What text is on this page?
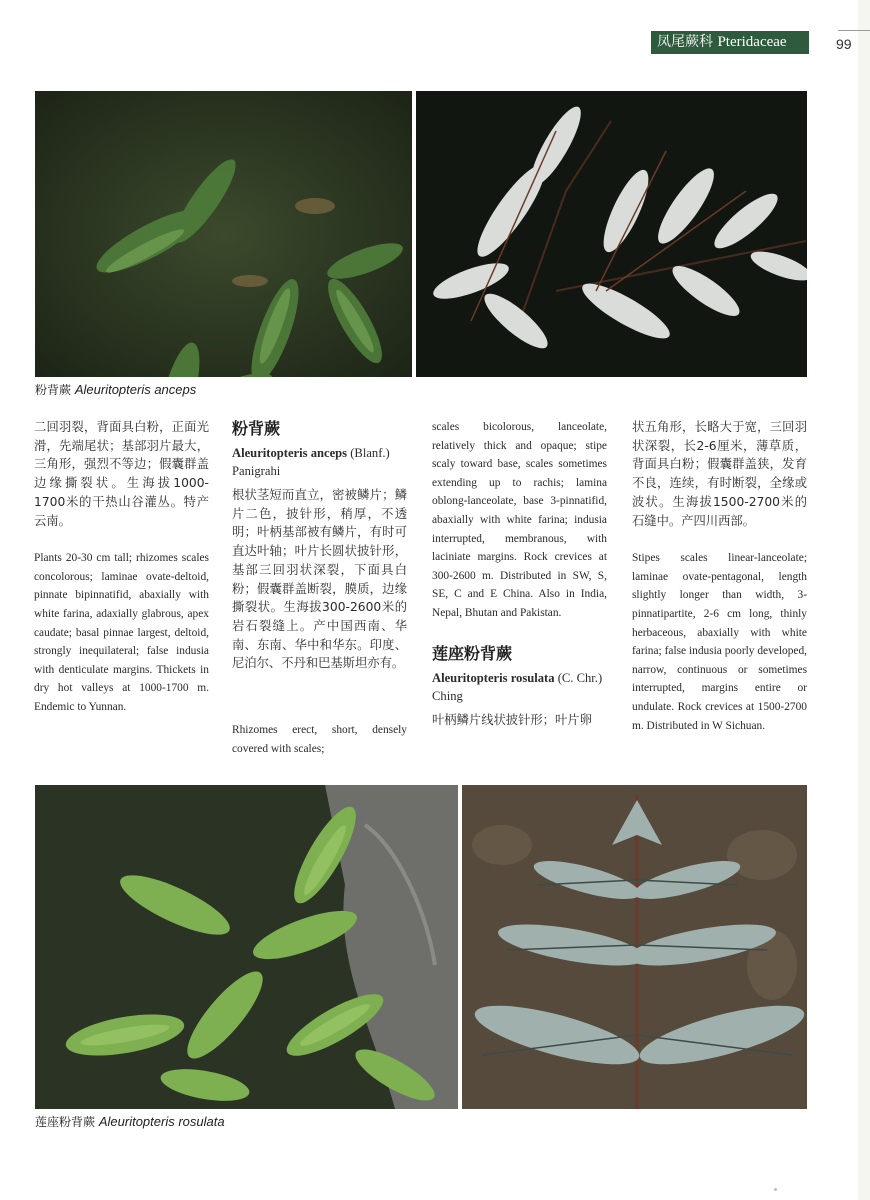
凤尾蕨科 Pteridaceae	99
粉背蕨 Aleuritopteris anceps

二回羽裂，背面具白粉，正面光滑，先端尾状；基部羽片最大，三角形，强烈不等边；假囊群盖边缘撕裂状。生海拔1000-1700米的干热山谷灌丛。特产云南。

Plants 20-30 cm tall; rhizomes scales concolorous; laminae ovate-deltoid, pinnate bipinnatifid, abaxially with white farina, adaxially glabrous, apex caudate; basal pinnae largest, deltoid, strongly inequilateral; false indusia with denticulate margins. Thickets in dry hot valleys at 1000-1700 m. Endemic to Yunnan.

粉背蕨

Aleuritopteris anceps (Blanf.)

Panigrahi

根状茎短而直立，密被鳞片；鳞片二色，披针形，稍厚，不透明；叶柄基部被有鳞片，有时可直达叶轴；叶片长圆状披针形，基部三回羽状深裂，下面具白粉；假囊群盖断裂，膜质，边缘撕裂状。生海拔300-2600米的岩石裂缝上。产中国西南、华南、东南、华中和华东。印度、尼泊尔、不丹和巴基斯坦亦有。

Rhizomes erect, short, densely covered with scales;

scales bicolorous, lanceolate, relatively thick and opaque; stipe scaly toward base, scales sometimes extending up to rachis; lamina oblong-lanceolate, base 3-pinnatifid, abaxially with white farina; indusia interrupted, membranous, with laciniate margins. Rock crevices at 300-2600 m. Distributed in SW, S, SE, C and E China. Also in India, Nepal, Bhutan and Pakistan.

莲座粉背蕨

Aleuritopteris rosulata (C. Chr.)

Ching

叶柄鳞片线状披针形；叶片卵

状五角形，长略大于宽，三回羽状深裂，长2-6厘米，薄草质，背面具白粉；假囊群盖狭，发育不良，连续，有时断裂，全缘或波状。生海拔1500-2700米的石缝中。产四川西部。

Stipes scales linear-lanceolate; laminae ovate-pentagonal, length slightly longer than width, 3-pinnatipartite, 2-6 cm long, thinly herbaceous, abaxially with white farina; false indusia poorly developed, narrow, continuous or sometimes interrupted, margins entire or undulate. Rock crevices at 1500-2700 m. Distributed in W Sichuan.

莲座粉背蕨 Aleuritopteris rosulata
